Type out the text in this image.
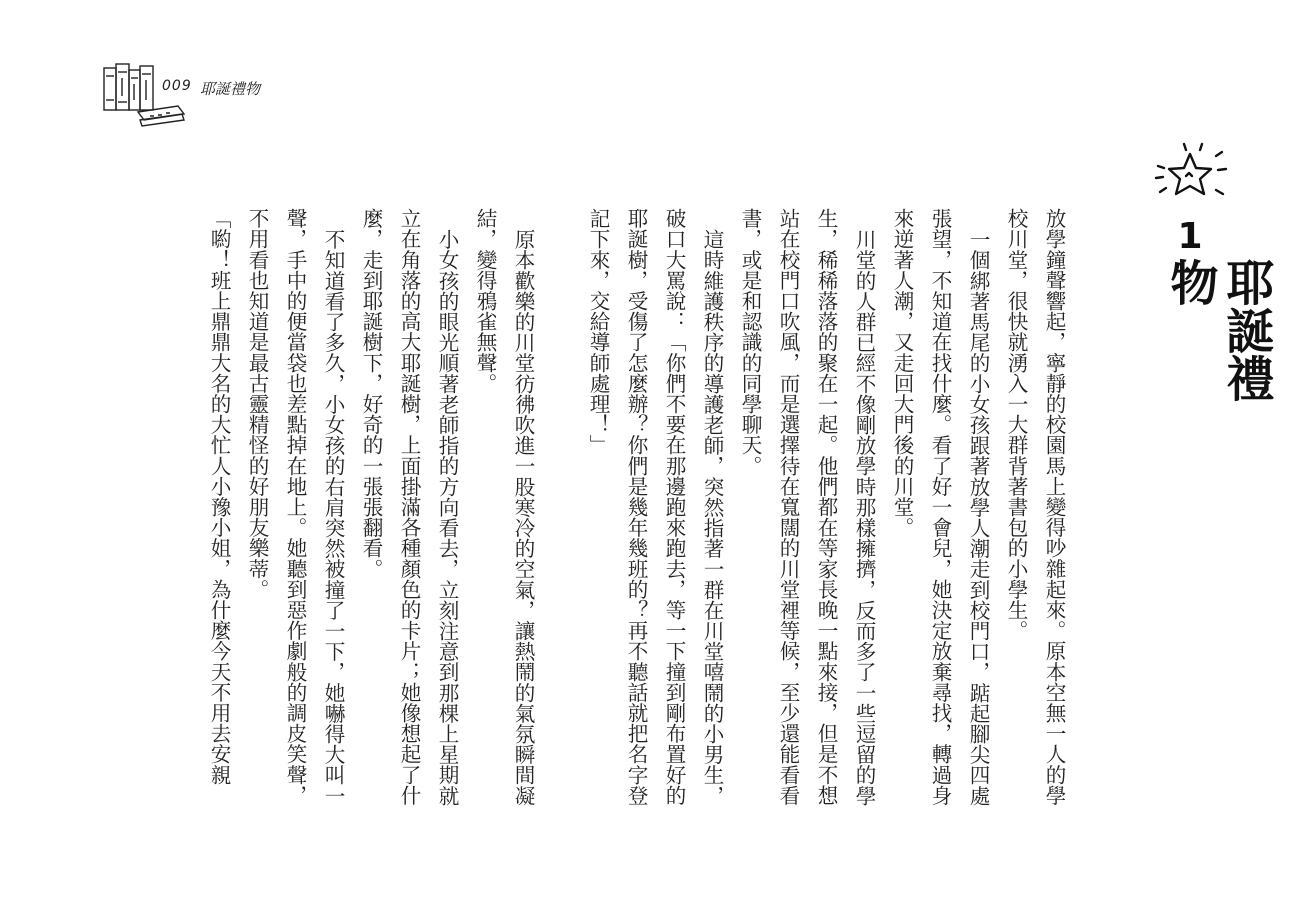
009 耶誕禮物
1
耶誕禮物

放學鐘聲響起，寧靜的校園馬上變得吵雜起來。原本空無一人的學校川堂，很快就湧入一大群背著書包的小學生。

一個綁著馬尾的小女孩跟著放學人潮走到校門口，踮起腳尖四處張望，不知道在找什麼。看了好一會兒，她決定放棄尋找，轉過身來逆著人潮，又走回大門後的川堂。

川堂的人群已經不像剛放學時那樣擁擠，反而多了一些逗留的學生，稀稀落落的聚在一起。他們都在等家長晚一點來接，但是不想站在校門口吹風，而是選擇待在寬闊的川堂裡等候，至少還能看看書，或是和認識的同學聊天。

這時維護秩序的導護老師，突然指著一群在川堂嘻鬧的小男生，破口大罵說：「你們不要在那邊跑來跑去，等一下撞到剛布置好的耶誕樹，受傷了怎麼辦？你們是幾年幾班的？再不聽話就把名字登記下來，交給導師處理！」

原本歡樂的川堂彷彿吹進一股寒冷的空氣，讓熱鬧的氣氛瞬間凝結，變得鴉雀無聲。

小女孩的眼光順著老師指的方向看去，立刻注意到那棵上星期就立在角落的高大耶誕樹，上面掛滿各種顏色的卡片；她像想起了什麼，走到耶誕樹下，好奇的一張張翻看。

不知道看了多久，小女孩的右肩突然被撞了一下，她嚇得大叫一聲，手中的便當袋也差點掉在地上。她聽到惡作劇般的調皮笑聲，不用看也知道是最古靈精怪的好朋友樂蒂。

「喲！班上鼎鼎大名的大忙人小豫小姐，為什麼今天不用去安親
